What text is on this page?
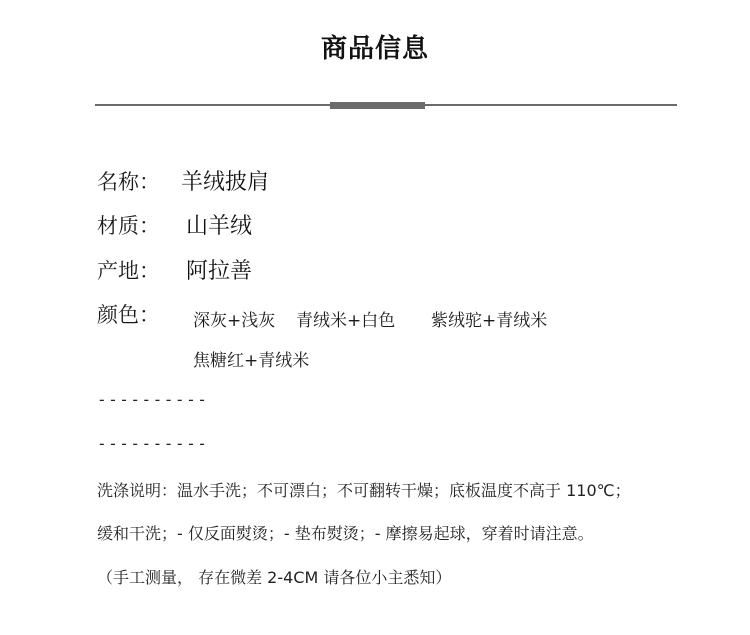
商品信息
名称： 羊绒披肩
材质： 山羊绒
产地： 阿拉善
颜色： 深灰+浅灰 青绒米+白色 紫绒驼+青绒米
焦糖红+青绒米
----------
----------
洗涤说明：温水手洗；不可漂白；不可翻转干燥；底板温度不高于 110℃；
缓和干洗；- 仅反面熨烫；- 垫布熨烫；- 摩擦易起球，穿着时请注意。
（手工测量， 存在微差 2-4CM 请各位小主悉知）
